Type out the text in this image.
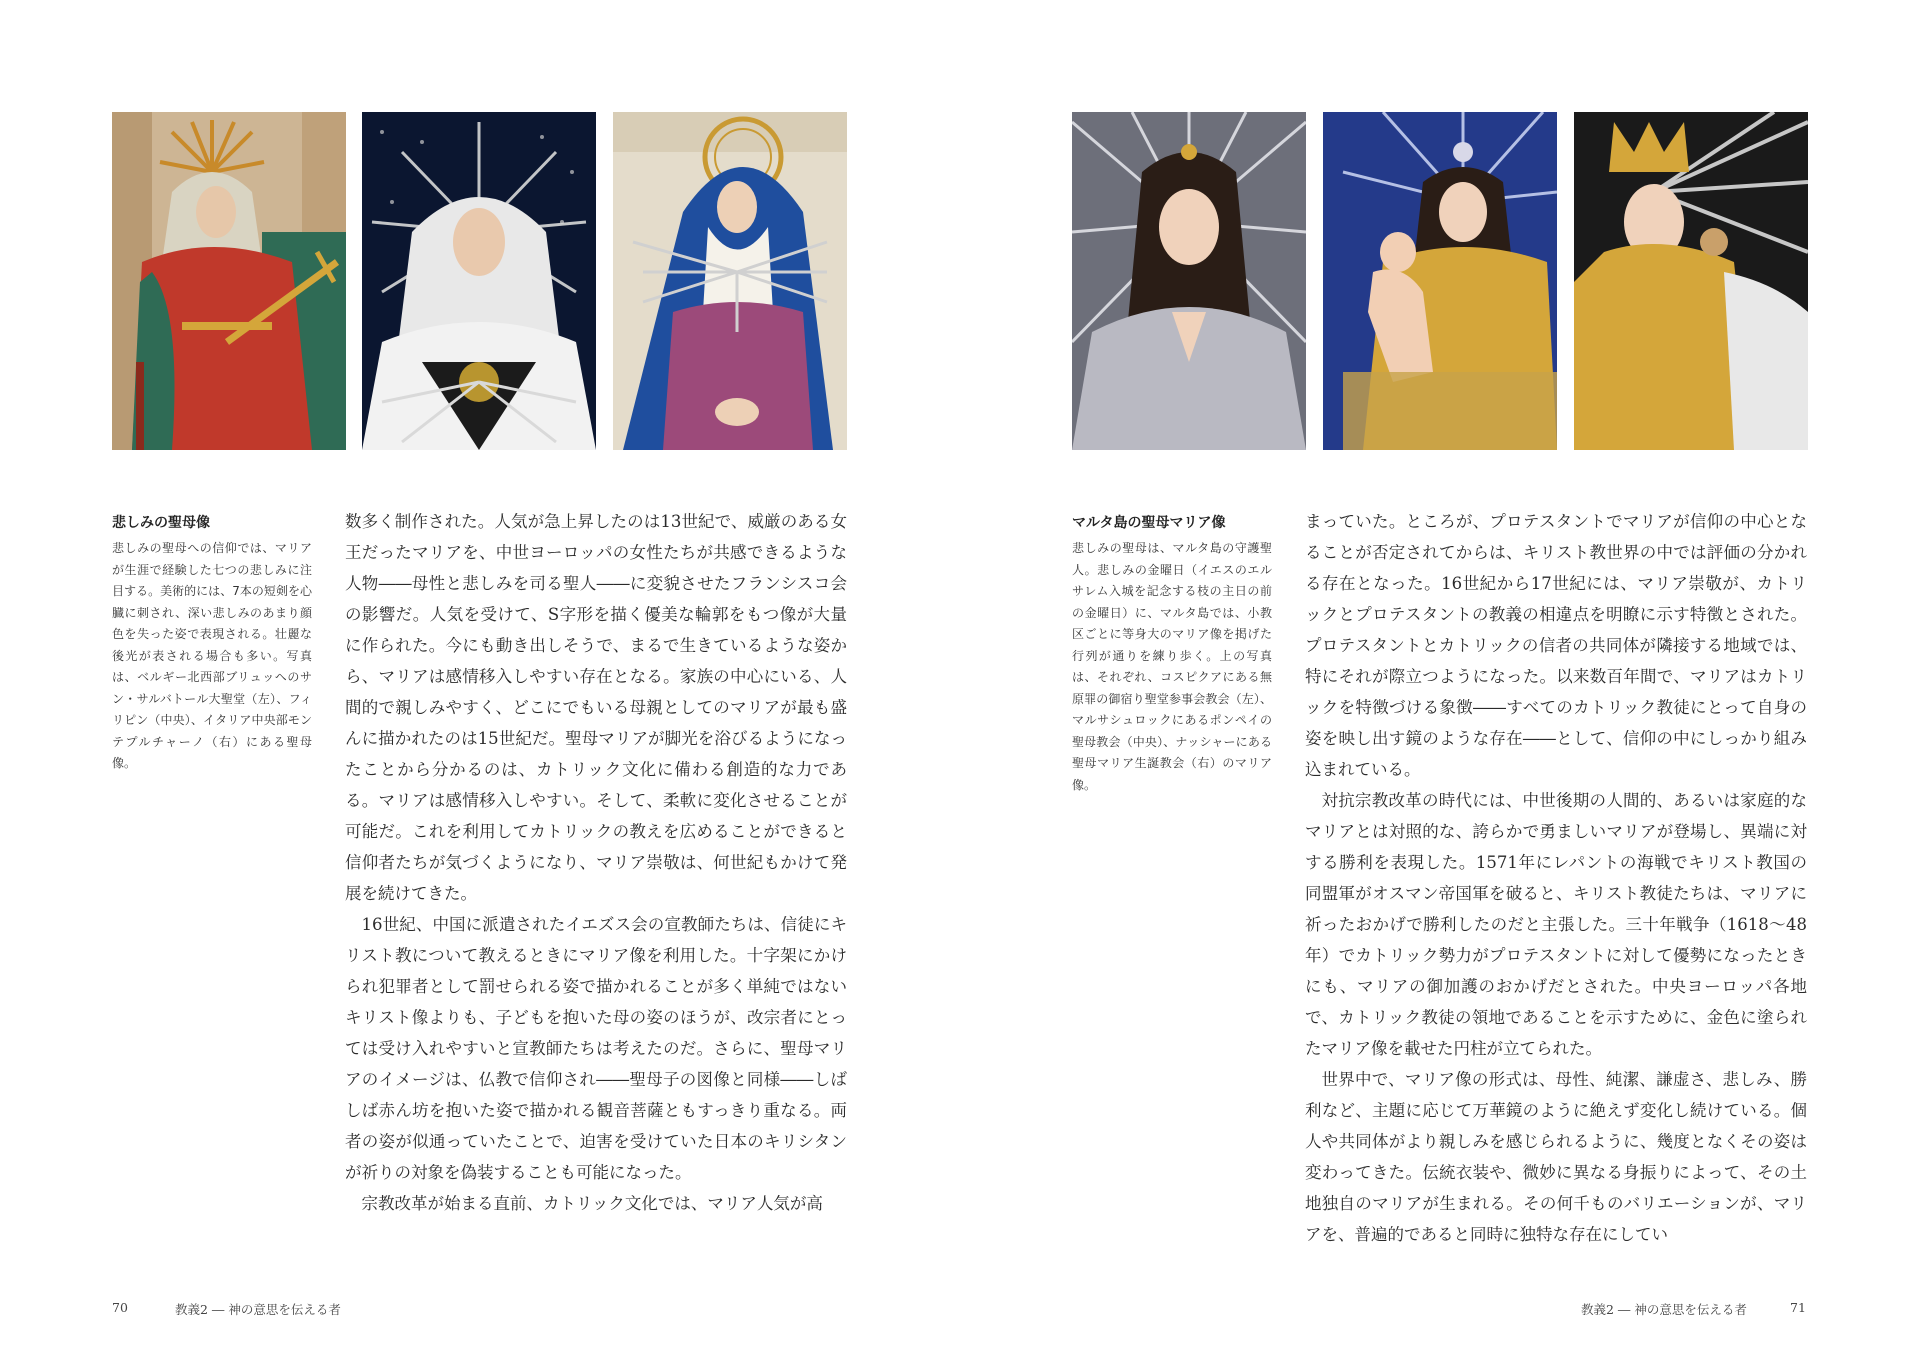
悲しみの聖母像

悲しみの聖母への信仰では、マリアが生涯で経験した七つの悲しみに注目する。美術的には、7本の短剣を心臓に刺され、深い悲しみのあまり顔色を失った姿で表現される。壮麗な後光が表される場合も多い。写真は、ベルギー北西部ブリュッヘのサン・サルバトール大聖堂（左）、フィリピン（中央）、イタリア中央部モンテプルチャーノ（右）にある聖母像。

数多く制作された。人気が急上昇したのは13世紀で、威厳のある女王だったマリアを、中世ヨーロッパの女性たちが共感できるような人物――母性と悲しみを司る聖人――に変貌させたフランシスコ会の影響だ。人気を受けて、S字形を描く優美な輪郭をもつ像が大量に作られた。今にも動き出しそうで、まるで生きているような姿から、マリアは感情移入しやすい存在となる。家族の中心にいる、人間的で親しみやすく、どこにでもいる母親としてのマリアが最も盛んに描かれたのは15世紀だ。聖母マリアが脚光を浴びるようになったことから分かるのは、カトリック文化に備わる創造的な力である。マリアは感情移入しやすい。そして、柔軟に変化させることが可能だ。これを利用してカトリックの教えを広めることができると信仰者たちが気づくようになり、マリア崇敬は、何世紀もかけて発展を続けてきた。

16世紀、中国に派遣されたイエズス会の宣教師たちは、信徒にキリスト教について教えるときにマリア像を利用した。十字架にかけられ犯罪者として罰せられる姿で描かれることが多く単純ではないキリスト像よりも、子どもを抱いた母の姿のほうが、改宗者にとっては受け入れやすいと宣教師たちは考えたのだ。さらに、聖母マリアのイメージは、仏教で信仰され――聖母子の図像と同様――しばしば赤ん坊を抱いた姿で描かれる観音菩薩ともすっきり重なる。両者の姿が似通っていたことで、迫害を受けていた日本のキリシタンが祈りの対象を偽装することも可能になった。

宗教改革が始まる直前、カトリック文化では、マリア人気が高

70	教義2 ― 神の意思を伝える者
マルタ島の聖母マリア像

悲しみの聖母は、マルタ島の守護聖人。悲しみの金曜日（イエスのエルサレム入城を記念する枝の主日の前の金曜日）に、マルタ島では、小教区ごとに等身大のマリア像を掲げた行列が通りを練り歩く。上の写真は、それぞれ、コスピクアにある無原罪の御宿り聖堂参事会教会（左）、マルサシュロックにあるポンペイの聖母教会（中央）、ナッシャーにある聖母マリア生誕教会（右）のマリア像。

まっていた。ところが、プロテスタントでマリアが信仰の中心となることが否定されてからは、キリスト教世界の中では評価の分かれる存在となった。16世紀から17世紀には、マリア崇敬が、カトリックとプロテスタントの教義の相違点を明瞭に示す特徴とされた。プロテスタントとカトリックの信者の共同体が隣接する地域では、特にそれが際立つようになった。以来数百年間で、マリアはカトリックを特徴づける象徴――すべてのカトリック教徒にとって自身の姿を映し出す鏡のような存在――として、信仰の中にしっかり組み込まれている。

対抗宗教改革の時代には、中世後期の人間的、あるいは家庭的なマリアとは対照的な、誇らかで勇ましいマリアが登場し、異端に対する勝利を表現した。1571年にレパントの海戦でキリスト教国の同盟軍がオスマン帝国軍を破ると、キリスト教徒たちは、マリアに祈ったおかげで勝利したのだと主張した。三十年戦争（1618～48年）でカトリック勢力がプロテスタントに対して優勢になったときにも、マリアの御加護のおかげだとされた。中央ヨーロッパ各地で、カトリック教徒の領地であることを示すために、金色に塗られたマリア像を載せた円柱が立てられた。

世界中で、マリア像の形式は、母性、純潔、謙虚さ、悲しみ、勝利など、主題に応じて万華鏡のように絶えず変化し続けている。個人や共同体がより親しみを感じられるように、幾度となくその姿は変わってきた。伝統衣装や、微妙に異なる身振りによって、その土地独自のマリアが生まれる。その何千ものバリエーションが、マリアを、普遍的であると同時に独特な存在にしてい

教義2 ― 神の意思を伝える者	71
